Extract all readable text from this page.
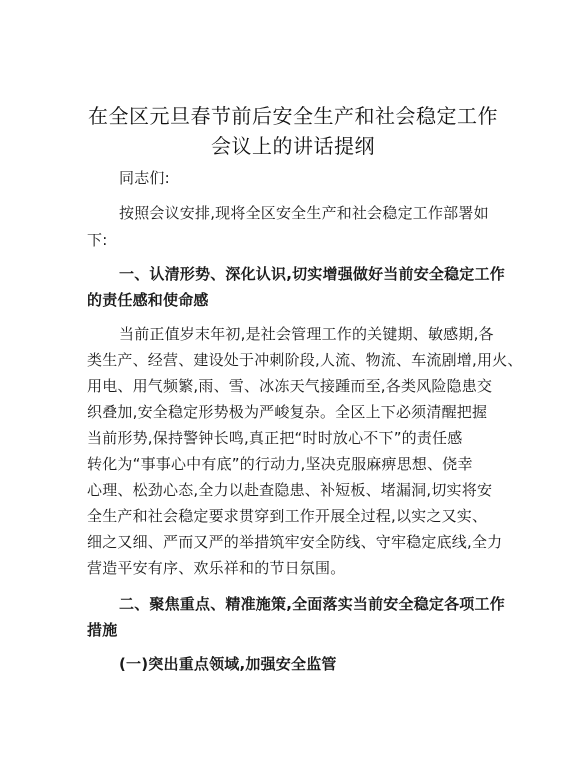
在全区元旦春节前后安全生产和社会稳定工作
会议上的讲话提纲
同志们:
按照会议安排,现将全区安全生产和社会稳定工作部署如
下:
一、认清形势、深化认识,切实增强做好当前安全稳定工作
的责任感和使命感
当前正值岁末年初,是社会管理工作的关键期、敏感期,各
类生产、经营、建设处于冲刺阶段,人流、物流、车流剧增,用火、
用电、用气频繁,雨、雪、冰冻天气接踵而至,各类风险隐患交
织叠加,安全稳定形势极为严峻复杂。全区上下必须清醒把握
当前形势,保持警钟长鸣,真正把“时时放心不下”的责任感
转化为“事事心中有底”的行动力,坚决克服麻痹思想、侥幸
心理、松劲心态,全力以赴查隐患、补短板、堵漏洞,切实将安
全生产和社会稳定要求贯穿到工作开展全过程,以实之又实、
细之又细、严而又严的举措筑牢安全防线、守牢稳定底线,全力
营造平安有序、欢乐祥和的节日氛围。
二、聚焦重点、精准施策,全面落实当前安全稳定各项工作
措施
(一)突出重点领域,加强安全监管
